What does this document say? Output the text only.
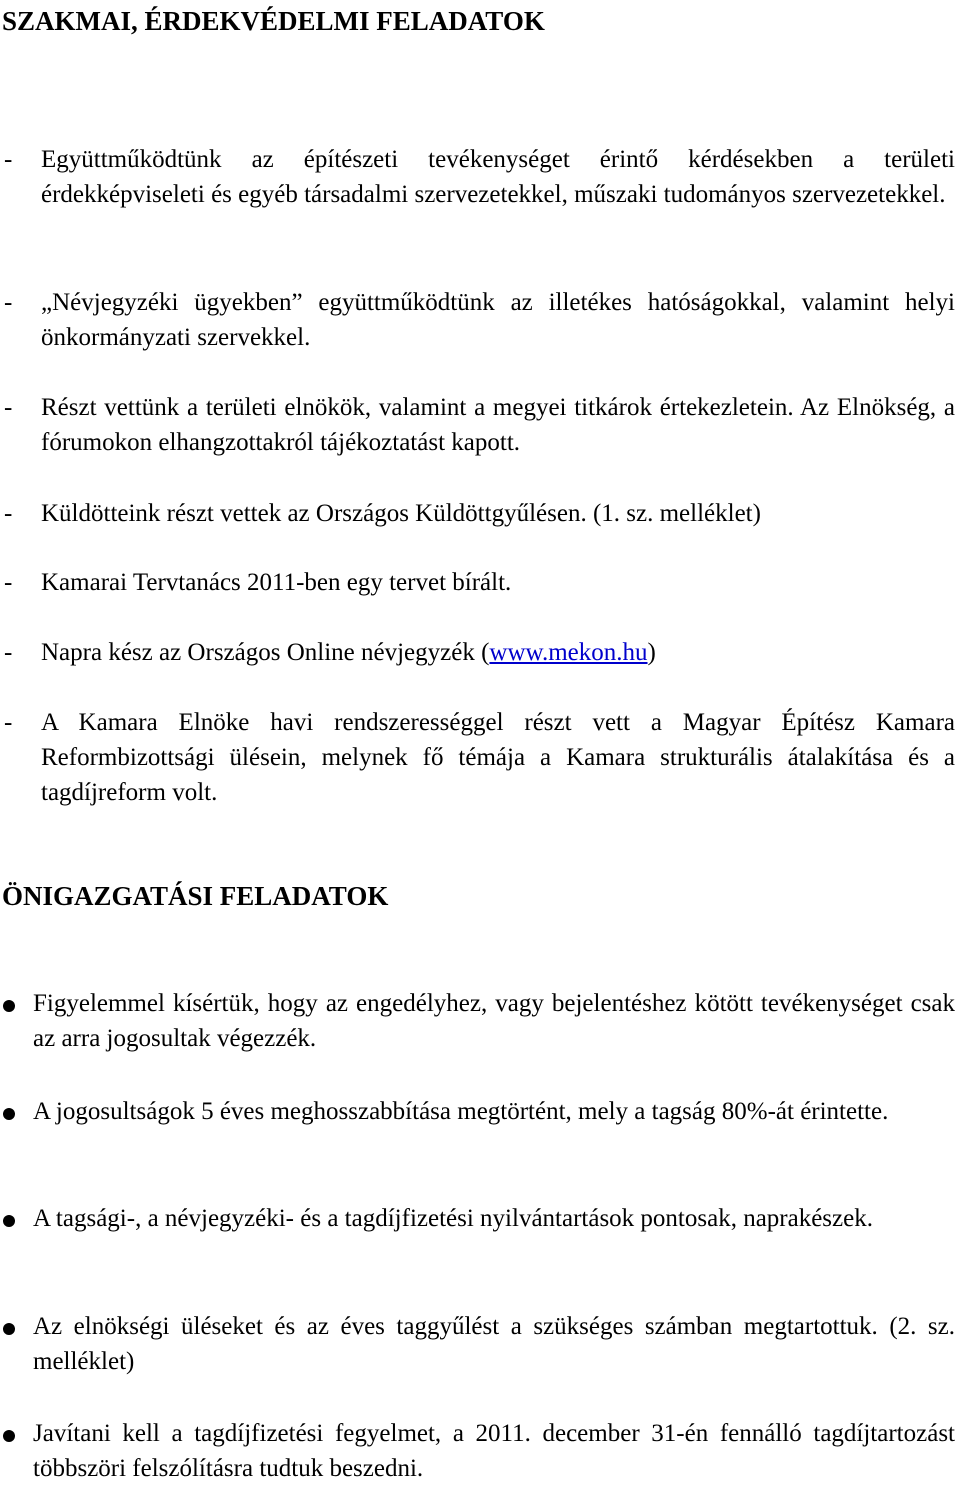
SZAKMAI, ÉRDEKVÉDELMI FELADATOK
- Együttműködtünk az építészeti tevékenységet érintő kérdésekben a területi érdekképviseleti és egyéb társadalmi szervezetekkel, műszaki tudományos szervezetekkel.
- „Névjegyzéki ügyekben” együttműködtünk az illetékes hatóságokkal, valamint helyi önkormányzati szervekkel.
- Részt vettünk a területi elnökök, valamint a megyei titkárok értekezletein. Az Elnökség, a fórumokon elhangzottakról tájékoztatást kapott.
- Küldötteink részt vettek az Országos Küldöttgyűlésen. (1. sz. melléklet)
- Kamarai Tervtanács 2011-ben egy tervet bírált.
- Napra kész az Országos Online névjegyzék (www.mekon.hu)
- A Kamara Elnöke havi rendszerességgel részt vett a Magyar Építész Kamara Reformbizottsági ülésein, melynek fő témája a Kamara strukturális átalakítása és a tagdíjreform volt.
ÖNIGAZGATÁSI FELADATOK
Figyelemmel kísértük, hogy az engedélyhez, vagy bejelentéshez kötött tevékenységet csak az arra jogosultak végezzék.
A jogosultságok 5 éves meghosszabbítása megtörtént, mely a tagság 80%-át érintette.
A tagsági-, a névjegyzéki- és a tagdíjfizetési nyilvántartások pontosak, naprakészek.
Az elnökségi üléseket és az éves taggyűlést a szükséges számban megtartottuk. (2. sz. melléklet)
Javítani kell a tagdíjfizetési fegyelmet, a 2011. december 31-én fennálló tagdíjtartozást többszöri felszólításra tudtuk beszedni.
